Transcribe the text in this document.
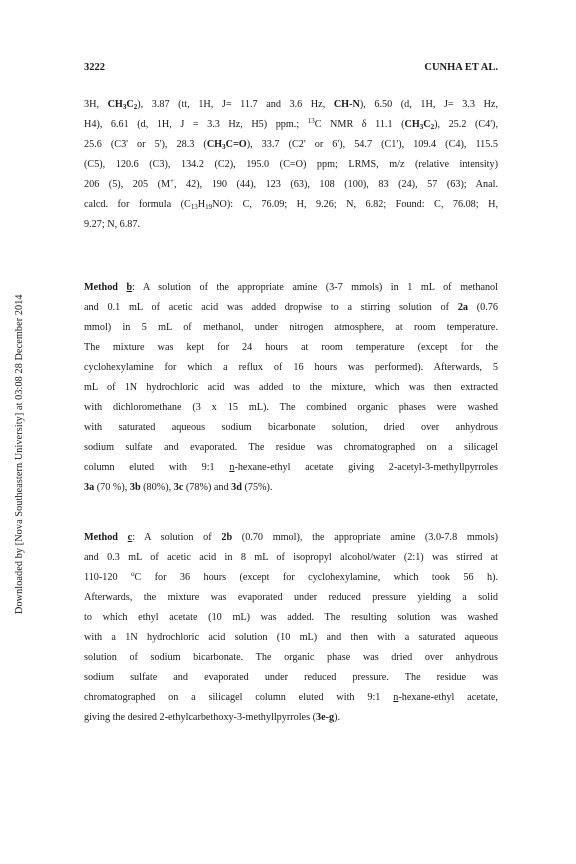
3222	CUNHA ET AL.
Downloaded by [Nova Southeastern University] at 03:08 28 December 2014
3H, $CH_3C_2$), 3.87 (tt, 1H, J= 11.7 and 3.6 Hz, CH-N), 6.50 (d, 1H, J= 3.3 Hz,
H4), 6.61 (d, 1H, J = 3.3 Hz, H5) ppm.; $^{13}$C NMR δ 11.1 $(CH_3C_2)$, 25.2 (C4'),
25.6 (C3' or 5'), 28.3 $(CH_3C=O)$, 33.7 (C2' or 6'), 54.7 (C1'), 109.4 (C4), 115.5
(C5), 120.6 (C3), 134.2 (C2), 195.0 (C=O) ppm; LRMS, m/z (relative intensity)
206 (5), 205 (M+, 42), 190 (44), 123 (63), 108 (100), 83 (24), 57 (63); Anal.
calcd. for formula $(C_{13}H_{19}NO)$: C, 76.09; H, 9.26; N, 6.82; Found: C, 76.08; H,
9.27; N, 6.87.
Method b: A solution of the appropriate amine (3-7 mmols) in 1 mL of methanol
and 0.1 mL of acetic acid was added dropwise to a stirring solution of 2a (0.76
mmol) in 5 mL of methanol, under nitrogen atmosphere, at room temperature.
The mixture was kept for 24 hours at room temperature (except for the
cyclohexylamine for which a reflux of 16 hours was performed). Afterwards, 5
mL of 1N hydrochloric acid was added to the mixture, which was then extracted
with dichloromethane (3 x 15 mL). The combined organic phases were washed
with saturated aqueous sodium bicarbonate solution, dried over anhydrous
sodium sulfate and evaporated. The residue was chromatographed on a silicagel
column eluted with 9:1 n-hexane-ethyl acetate giving 2-acetyl-3-methyllpyrroles
3a (70 %), 3b (80%), 3c (78%) and 3d (75%).
Method c: A solution of 2b (0.70 mmol), the appropriate amine (3.0-7.8 mmols)
and 0.3 mL of acetic acid in 8 mL of isopropyl alcohol/water (2:1) was stirred at
110-120 $^o$C for 36 hours (except for cyclohexylamine, which took 56 h).
Afterwards, the mixture was evaporated under reduced pressure yielding a solid
to which ethyl acetate (10 mL) was added. The resulting solution was washed
with a 1N hydrochloric acid solution (10 mL) and then with a saturated aqueous
solution of sodium bicarbonate. The organic phase was dried over anhydrous
sodium sulfate and evaporated under reduced pressure. The residue was
chromatographed on a silicagel column eluted with 9:1 n-hexane-ethyl acetate,
giving the desired 2-ethylcarbethoxy-3-methyllpyrroles (3e-g).
